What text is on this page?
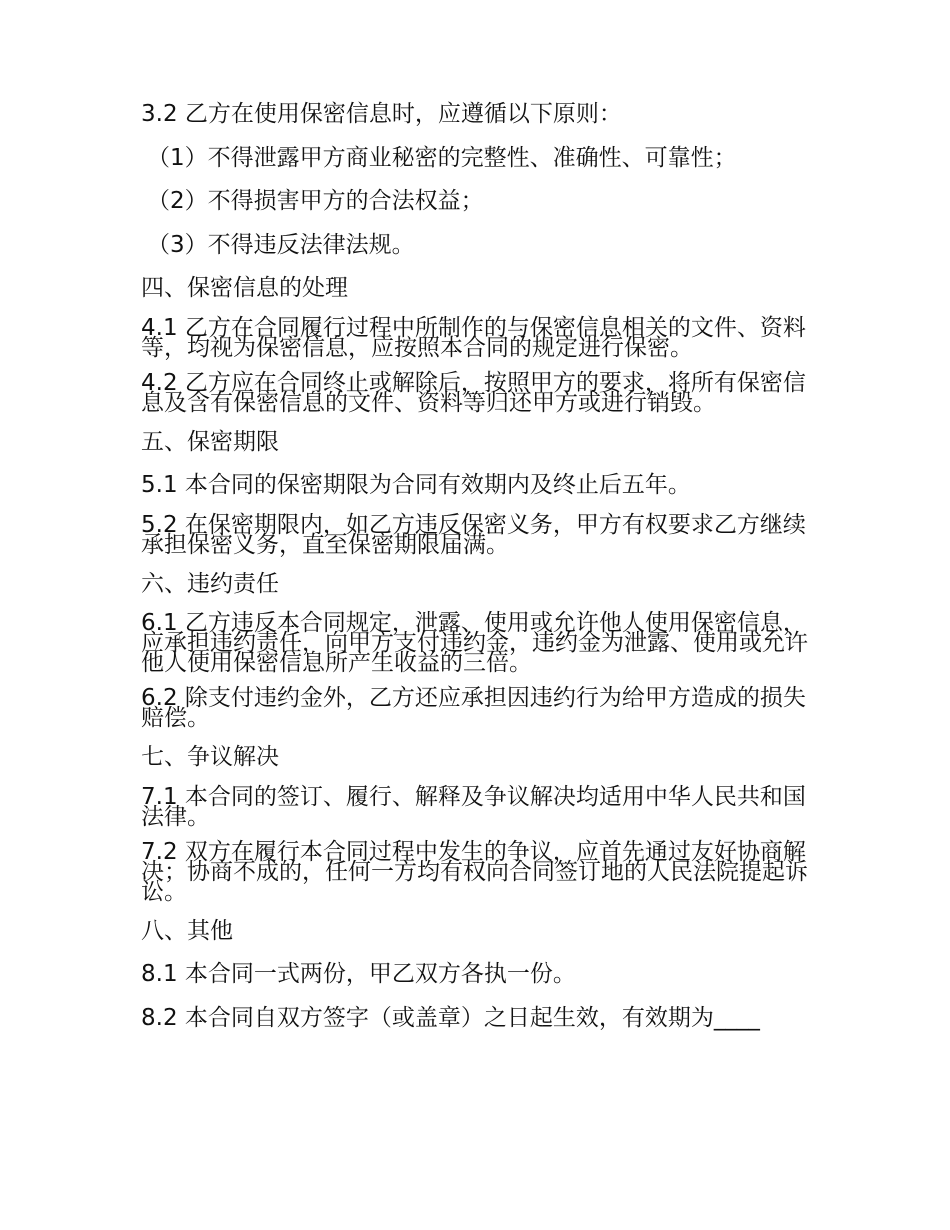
3.2 乙方在使用保密信息时，应遵循以下原则：

（1）不得泄露甲方商业秘密的完整性、准确性、可靠性；

（2）不得损害甲方的合法权益；

（3）不得违反法律法规。

四、保密信息的处理

4.1 乙方在合同履行过程中所制作的与保密信息相关的文件、资料等，均视为保密信息，应按照本合同的规定进行保密。

4.2 乙方应在合同终止或解除后，按照甲方的要求，将所有保密信息及含有保密信息的文件、资料等归还甲方或进行销毁。

五、保密期限

5.1 本合同的保密期限为合同有效期内及终止后五年。

5.2 在保密期限内，如乙方违反保密义务，甲方有权要求乙方继续承担保密义务，直至保密期限届满。

六、违约责任

6.1 乙方违反本合同规定，泄露、使用或允许他人使用保密信息，应承担违约责任，向甲方支付违约金，违约金为泄露、使用或允许他人使用保密信息所产生收益的三倍。

6.2 除支付违约金外，乙方还应承担因违约行为给甲方造成的损失赔偿。

七、争议解决

7.1 本合同的签订、履行、解释及争议解决均适用中华人民共和国法律。

7.2 双方在履行本合同过程中发生的争议，应首先通过友好协商解决；协商不成的，任何一方均有权向合同签订地的人民法院提起诉讼。

八、其他

8.1 本合同一式两份，甲乙双方各执一份。

8.2 本合同自双方签字（或盖章）之日起生效，有效期为____
